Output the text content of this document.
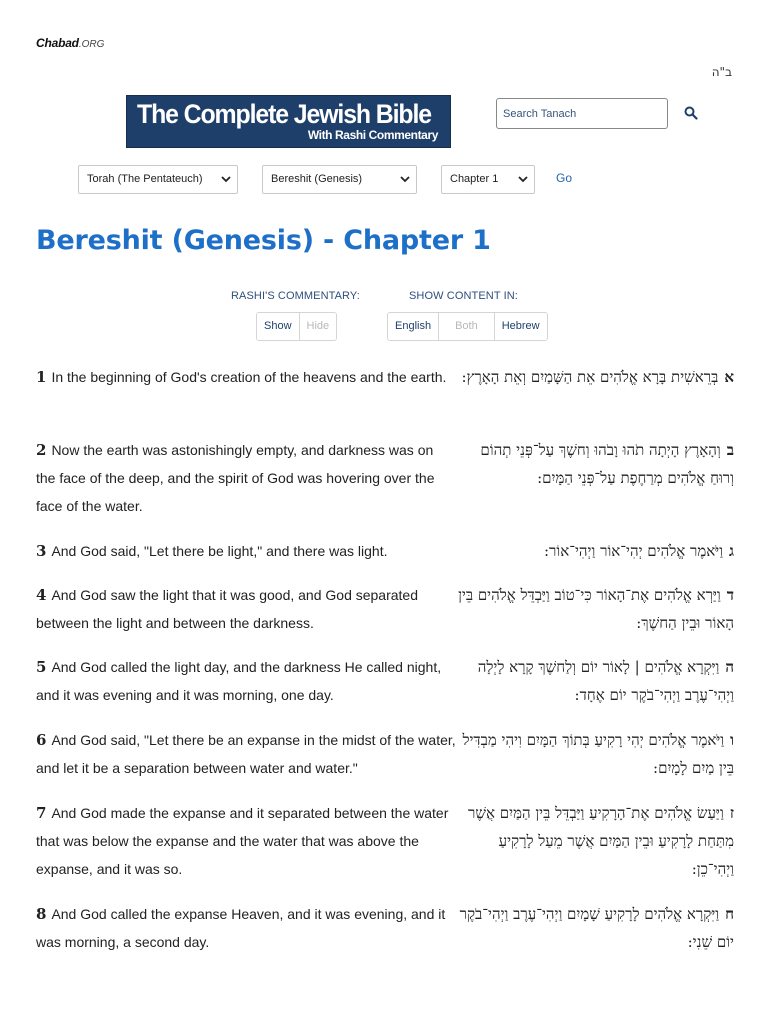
Chabad.ORG
ב"ה
The Complete Jewish Bible
With Rashi Commentary
Search Tanach
Torah (The Pentateuch)	Bereshit (Genesis)	Chapter 1	Go
Bereshit (Genesis) - Chapter 1
RASHI'S COMMENTARY:	SHOW CONTENT IN:
Show	Hide	English	Both	Hebrew
1 In the beginning of God's creation of the heavens and the earth.	אבְּרֵאשִׁית בָּרָא אֱלֹהִים אֵת הַשָּׁמַיִם וְאֵת הָאָרֶץ:
2 Now the earth was astonishingly empty, and darkness was on the face of the deep, and the spirit of God was hovering over the face of the water.
בוְהָאָרֶץ הָיְתָה תֹהוּ וָבֹהוּ וְחשֶׁךְ עַל־פְּנֵי תְהוֹם וְרוּחַ אֱלֹהִים מְרַחֶפֶת עַל־פְּנֵי הַמָּיִם:
3 And God said, "Let there be light," and there was light.	גוַיֹּאמֶר אֱלֹהִים יְהִי־אוֹר וַיְהִי־אוֹר:
4 And God saw the light that it was good, and God separated between the light and between the darkness.
דוַיַּרְא אֱלֹהִים אֶת־הָאוֹר כִּי־טוֹב וַיַּבְדֵּל אֱלֹהִים בֵּין הָאוֹר וּבֵין הַחשֶׁךְ:
5 And God called the light day, and the darkness He called night, and it was evening and it was morning, one day.
הוַיִּקְרָא אֱלֹהִים | לָאוֹר יוֹם וְלַחשֶׁךְ קָרָא לָיְלָה וַיְהִי־עֶרֶב וַיְהִי־בֹקֶר יוֹם אֶחָד:
6 And God said, "Let there be an expanse in the midst of the water, and let it be a separation between water and water."
ווַיֹּאמֶר אֱלֹהִים יְהִי רָקִיעַ בְּתוֹךְ הַמָּיִם וִיהִי מַבְדִּיל בֵּין מַיִם לָמָיִם:
7 And God made the expanse and it separated between the water that was below the expanse and the water that was above the expanse, and it was so.
זוַיַּעַשׂ אֱלֹהִים אֶת־הָרָקִיעַ וַיַּבְדֵּל בֵּין הַמַּיִם אֲשֶׁר מִתַּחַת לָרָקִיעַ וּבֵין הַמַּיִם אֲשֶׁר מֵעַל לָרָקִיעַ וַיְהִי־כֵן:
8 And God called the expanse Heaven, and it was evening, and it was morning, a second day.
חוַיִּקְרָא אֱלֹהִים לָרָקִיעַ שָׁמָיִם וַיְהִי־עֶרֶב וַיְהִי־בֹקֶר יוֹם שֵׁנִי:
